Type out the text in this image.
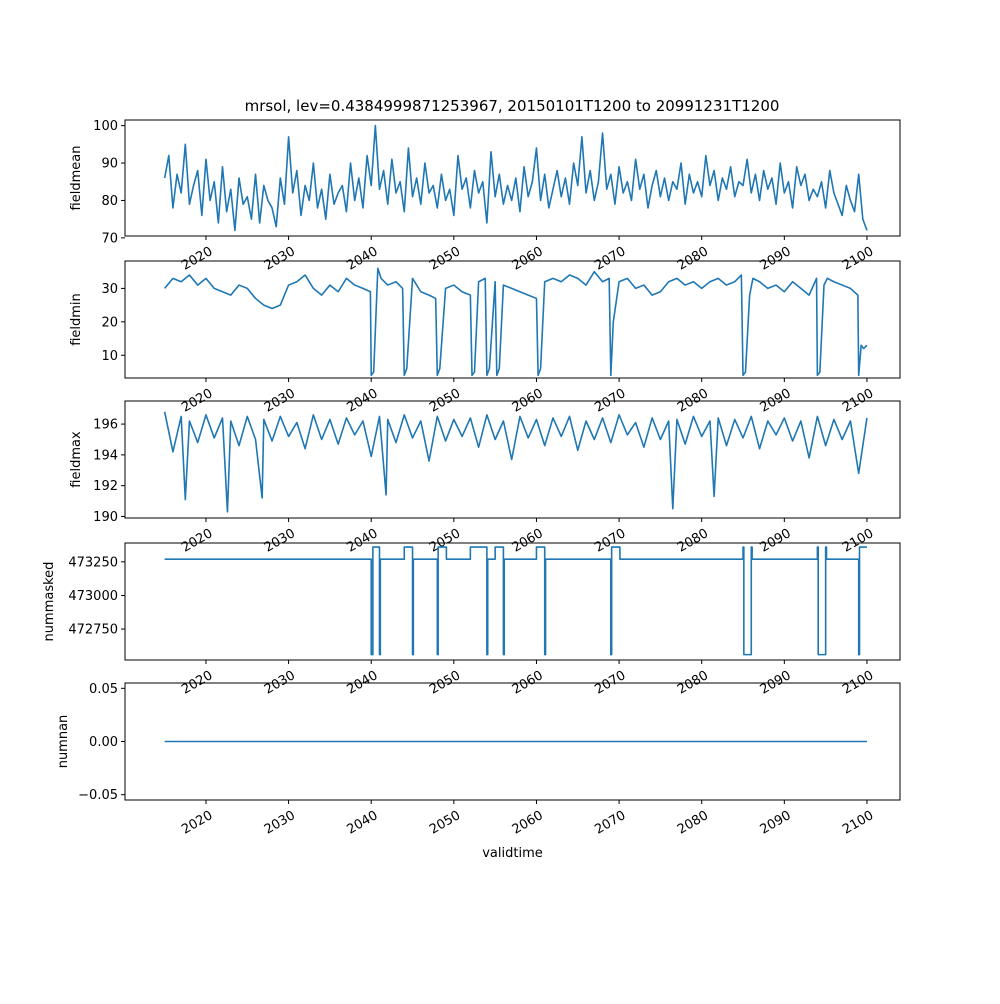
mrsol, lev=0.4384999871253967, 20150101T1200 to 20991231T1200
70
80
90
100
2020	2030	2040	2050	2060	2070	2080	2090	2100
fieldmean
10
20
30
2020	2030	2040	2050	2060	2070	2080	2090	2100
fieldmin
190
192
194
196
2020	2030	2040	2050	2060	2070	2080	2090	2100
fieldmax
472750
473000
473250
2020	2030	2040	2050	2060	2070	2080	2090	2100
nummasked
−0.05
0.00
0.05
2020	2030	2040	2050	2060	2070	2080	2090	2100
numnan
validtime
